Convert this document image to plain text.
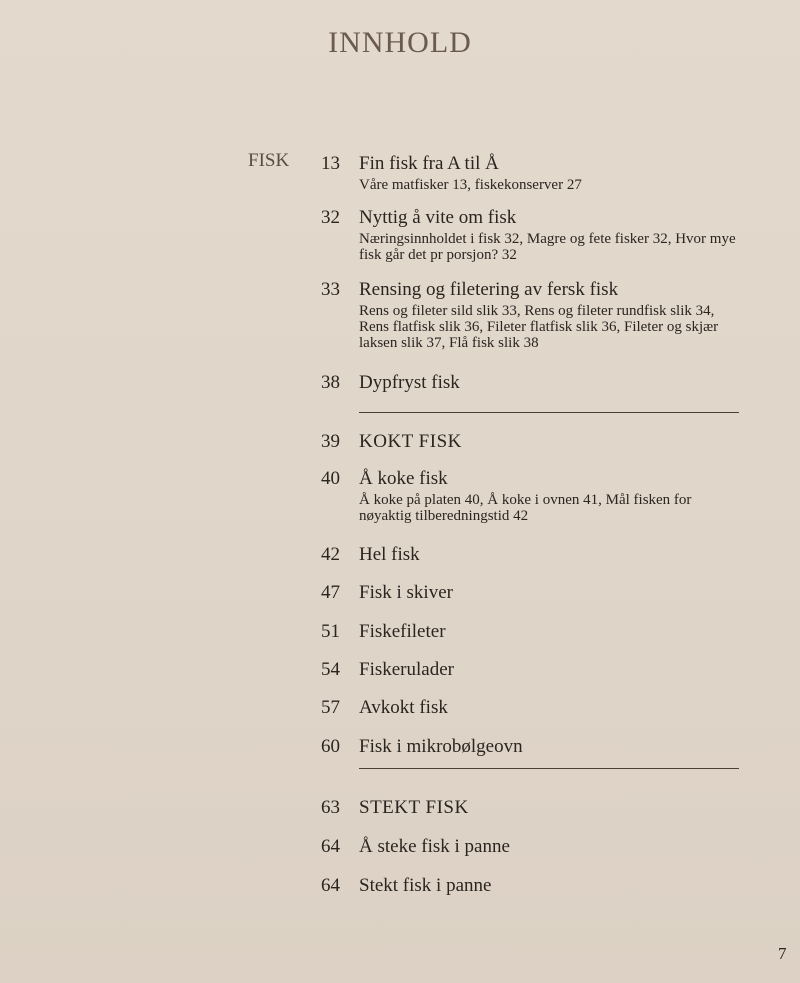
INNHOLD
FISK	13 Fin fisk fra A til Å
Våre matfisker 13, fiskekonserver 27
32 Nyttig å vite om fisk
Næringsinnholdet i fisk 32, Magre og fete fisker 32, Hvor mye fisk går det pr porsjon? 32
33 Rensing og filetering av fersk fisk
Rens og fileter sild slik 33, Rens og fileter rundfisk slik 34, Rens flatfisk slik 36, Fileter flatfisk slik 36, Fileter og skjær laksen slik 37, Flå fisk slik 38
38 Dypfryst fisk
39 KOKT FISK
40 Å koke fisk
Å koke på platen 40, Å koke i ovnen 41, Mål fisken for nøyaktig tilberedningstid 42
42 Hel fisk
47 Fisk i skiver
51 Fiskefileter
54 Fiskerulader
57 Avkokt fisk
60 Fisk i mikrobølgeovn
63 STEKT FISK
64 Å steke fisk i panne
64 Stekt fisk i panne
7
